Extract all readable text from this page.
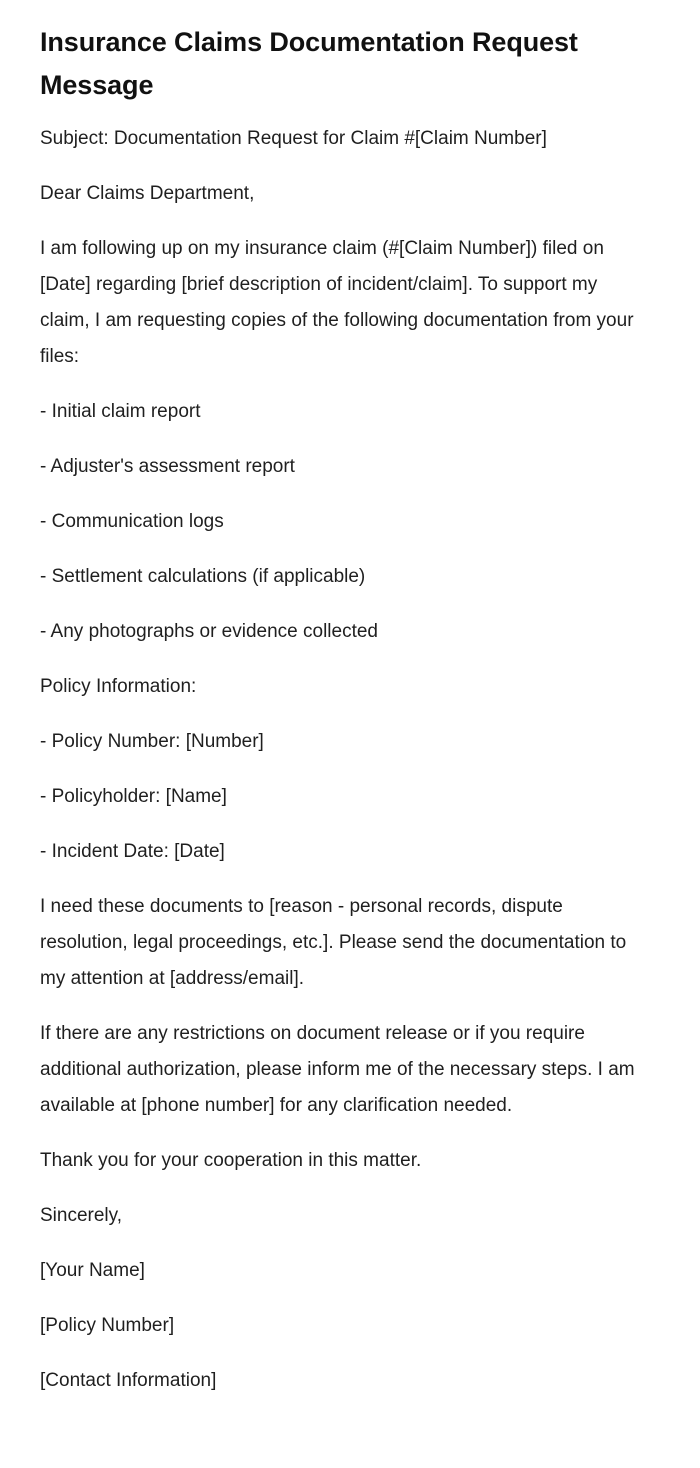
Insurance Claims Documentation Request Message

Subject: Documentation Request for Claim #[Claim Number]

Dear Claims Department,

I am following up on my insurance claim (#[Claim Number]) filed on [Date] regarding [brief description of incident/claim]. To support my claim, I am requesting copies of the following documentation from your files:

- Initial claim report

- Adjuster's assessment report

- Communication logs

- Settlement calculations (if applicable)

- Any photographs or evidence collected

Policy Information:

- Policy Number: [Number]

- Policyholder: [Name]

- Incident Date: [Date]

I need these documents to [reason - personal records, dispute resolution, legal proceedings, etc.]. Please send the documentation to my attention at [address/email].

If there are any restrictions on document release or if you require additional authorization, please inform me of the necessary steps. I am available at [phone number] for any clarification needed.

Thank you for your cooperation in this matter.

Sincerely,

[Your Name]

[Policy Number]

[Contact Information]
